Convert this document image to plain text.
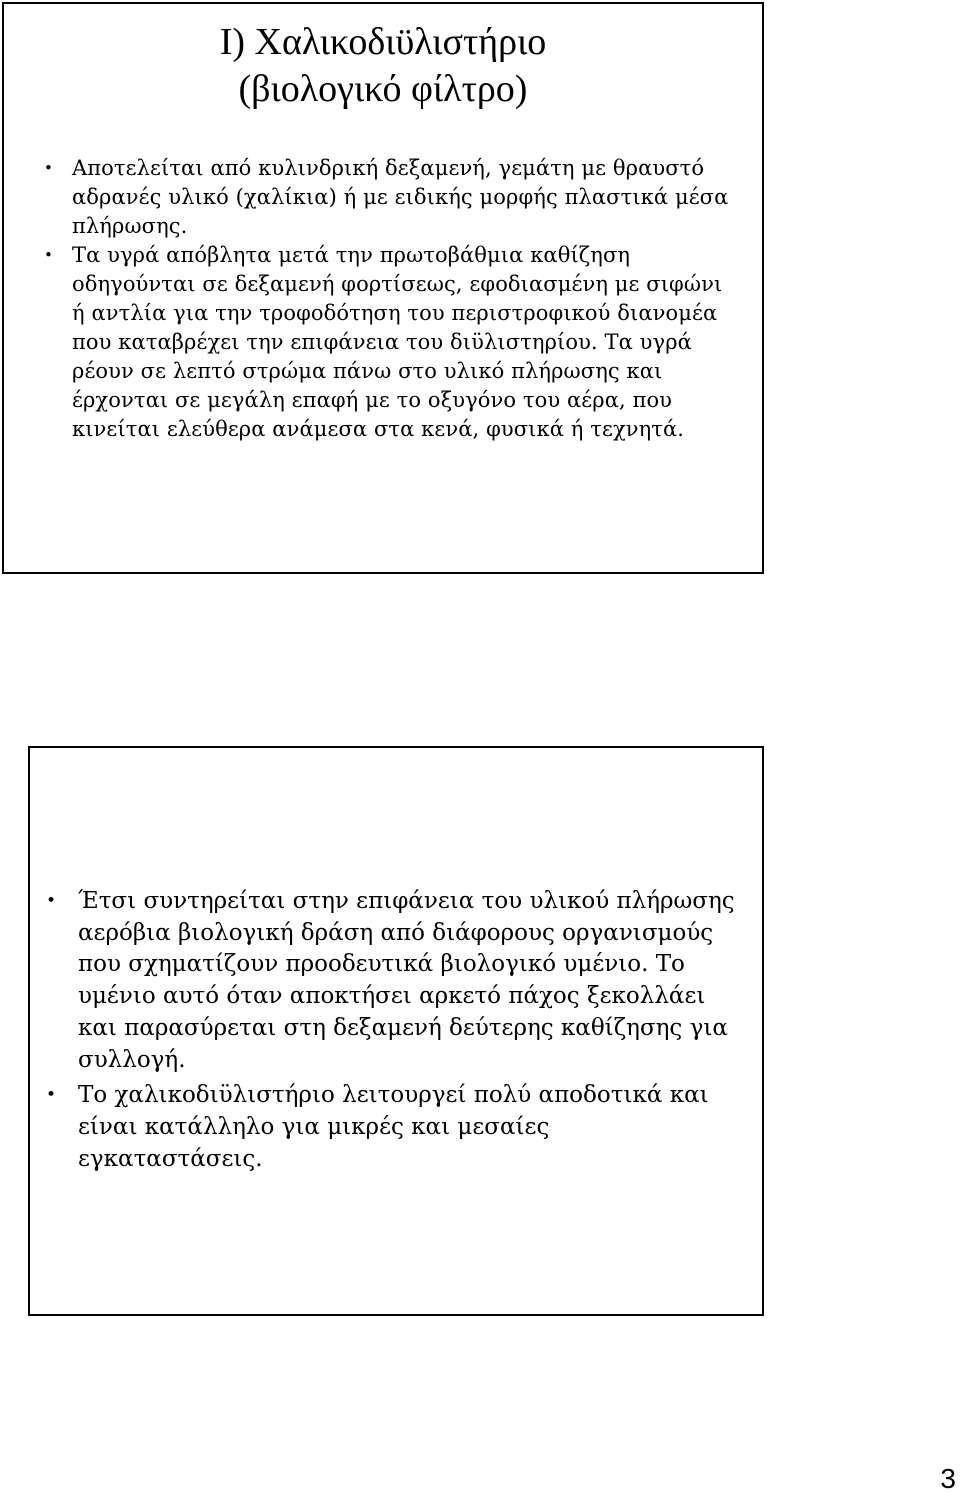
I) Χαλικοδιϋλιστήριο
(βιολογικό φίλτρο)
• Αποτελείται από κυλινδρική δεξαμενή, γεμάτη με θραυστό αδρανές υλικό (χαλίκια) ή με ειδικής μορφής πλαστικά μέσα πλήρωσης.
• Τα υγρά απόβλητα μετά την πρωτοβάθμια καθίζηση οδηγούνται σε δεξαμενή φορτίσεως, εφοδιασμένη με σιφώνι ή αντλία για την τροφοδότηση του περιστροφικού διανομέα που καταβρέχει την επιφάνεια του διϋλιστηρίου. Τα υγρά ρέουν σε λεπτό στρώμα πάνω στο υλικό πλήρωσης και έρχονται σε μεγάλη επαφή με το οξυγόνο του αέρα, που κινείται ελεύθερα ανάμεσα στα κενά, φυσικά ή τεχνητά.
• Έτσι συντηρείται στην επιφάνεια του υλικού πλήρωσης αερόβια βιολογική δράση από διάφορους οργανισμούς που σχηματίζουν προοδευτικά βιολογικό υμένιο. Το υμένιο αυτό όταν αποκτήσει αρκετό πάχος ξεκολλάει και παρασύρεται στη δεξαμενή δεύτερης καθίζησης για συλλογή.
• Το χαλικοδιϋλιστήριο λειτουργεί πολύ αποδοτικά και είναι κατάλληλο για μικρές και μεσαίες εγκαταστάσεις.
3
